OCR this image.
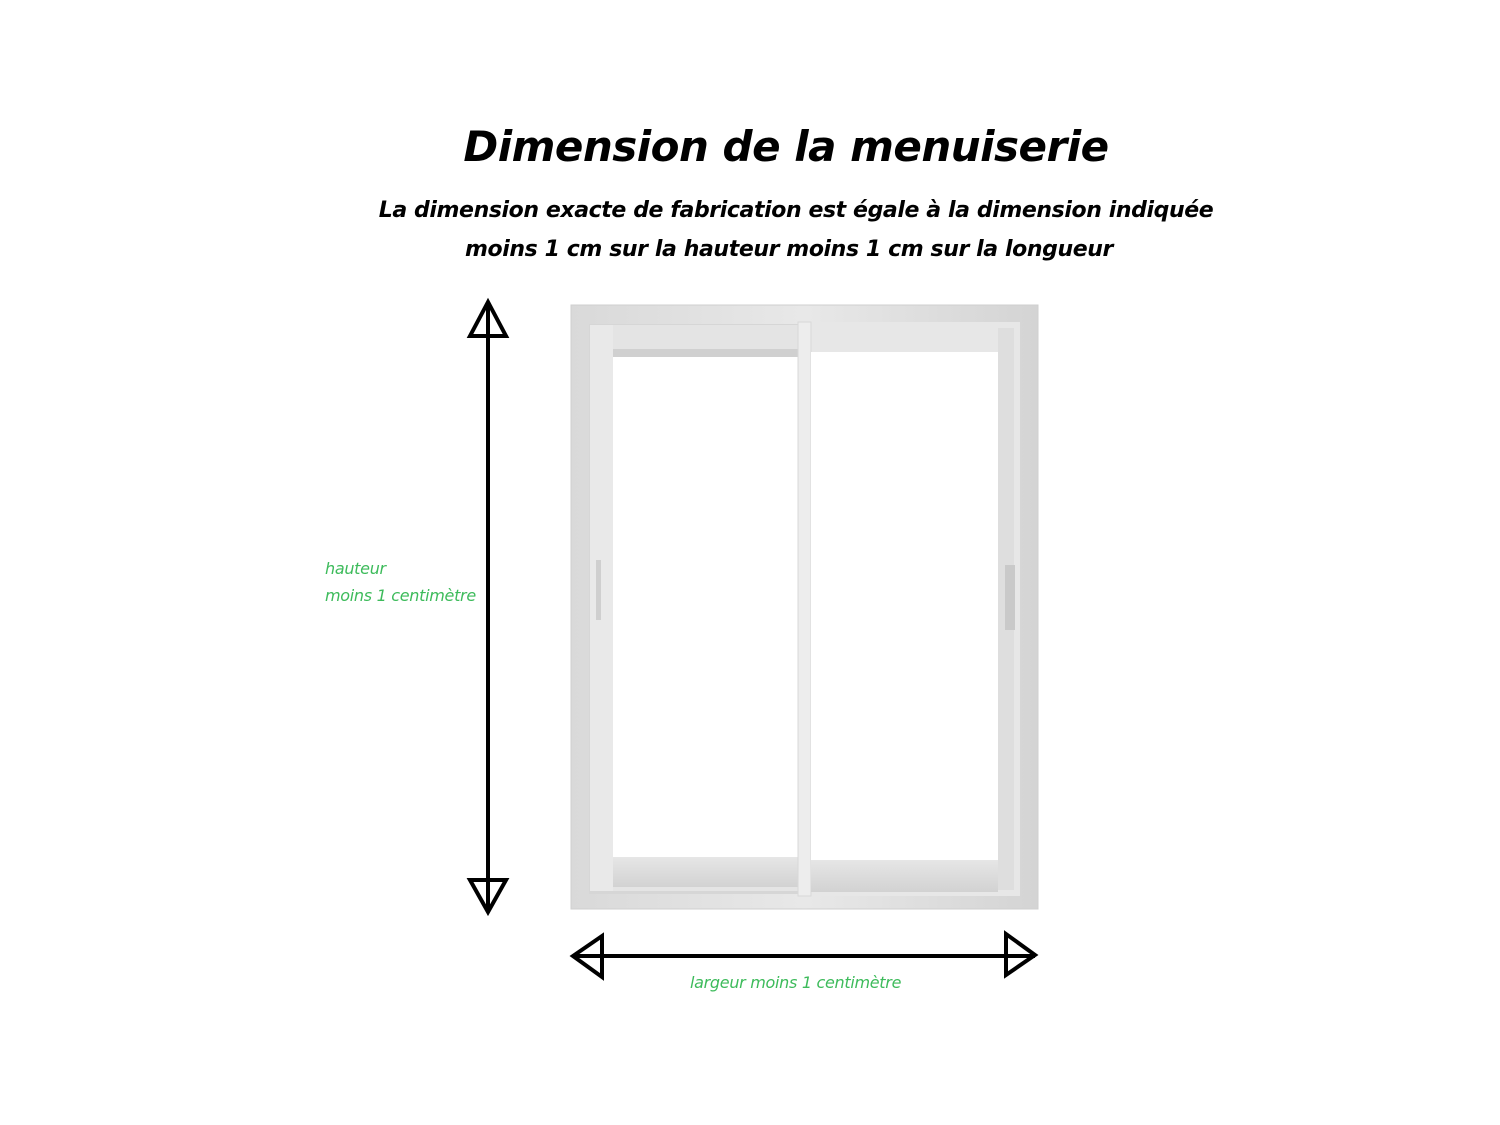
Dimension de la menuiserie
La dimension exacte de fabrication est égale à la dimension indiquée
moins 1 cm sur la hauteur moins 1 cm sur la longueur
hauteur
moins 1 centimètre
largeur moins 1 centimètre
